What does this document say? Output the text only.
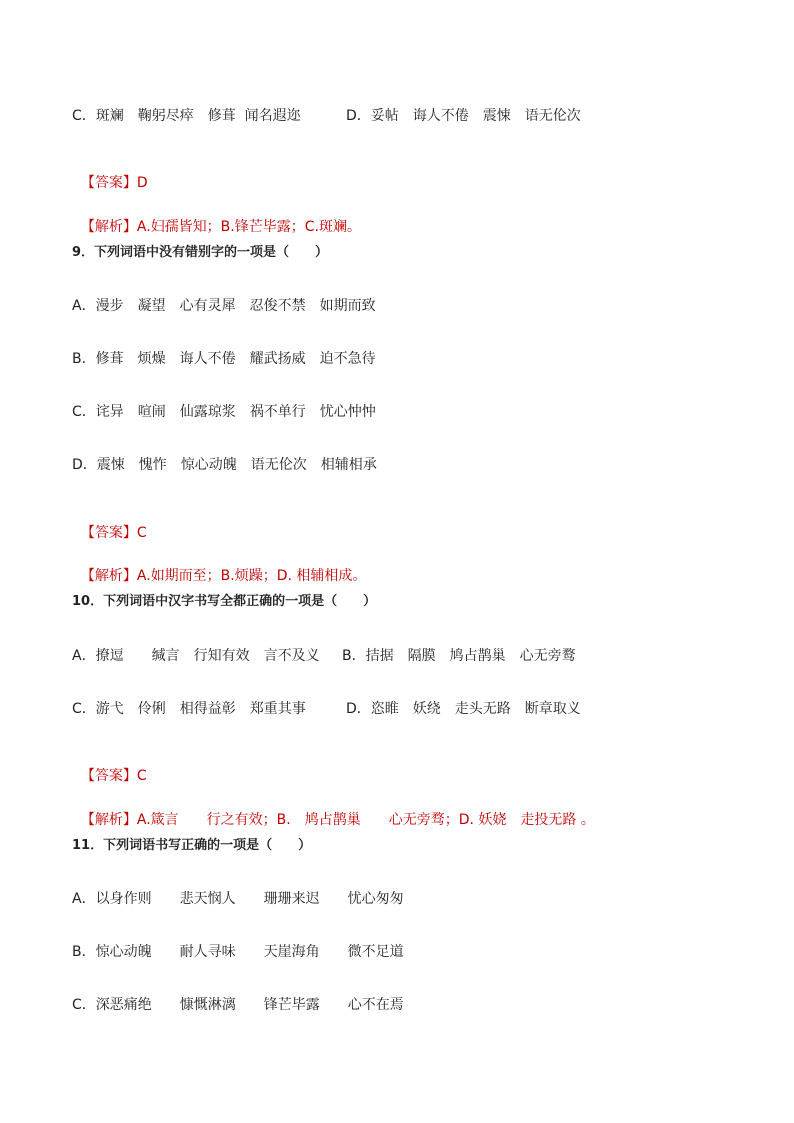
C．斑斓　鞠躬尽瘁　修葺  闻名遐迩	D．妥帖　诲人不倦　震悚　语无伦次

【答案】D

【解析】A.妇孺皆知；B.锋芒毕露；C.斑斓。

9．下列词语中没有错别字的一项是（　　）
A．漫步　凝望　心有灵犀　忍俊不禁　如期而致
B．修葺　烦燥　诲人不倦　耀武扬威　迫不急待
C．诧异　喧闹　仙露琼浆　祸不单行　忧心忡忡
D．震悚　愧怍　惊心动魄　语无伦次　相辅相承

【答案】C

【解析】A.如期而至；B.烦躁；D. 相辅相成。

10．下列词语中汉字书写全都正确的一项是（　　）
A．撩逗　　缄言　行知有效　言不及义 B．拮据　隔膜　鸠占鹊巢　心无旁鹜
C．游弋　伶俐　相得益彰　郑重其事	D．恣睢　妖绕　走头无路　断章取义

【答案】C

【解析】A.箴言　　行之有效；B.　鸠占鹊巢　　心无旁骛；D. 妖娆　走投无路 。

11．下列词语书写正确的一项是（　　）
A．以身作则　　悲天悯人　　珊珊来迟　　忧心匆匆
B．惊心动魄　　耐人寻味　　天崖海角　　微不足道
C．深恶痛绝　　慷慨淋漓　　锋芒毕露　　心不在焉
